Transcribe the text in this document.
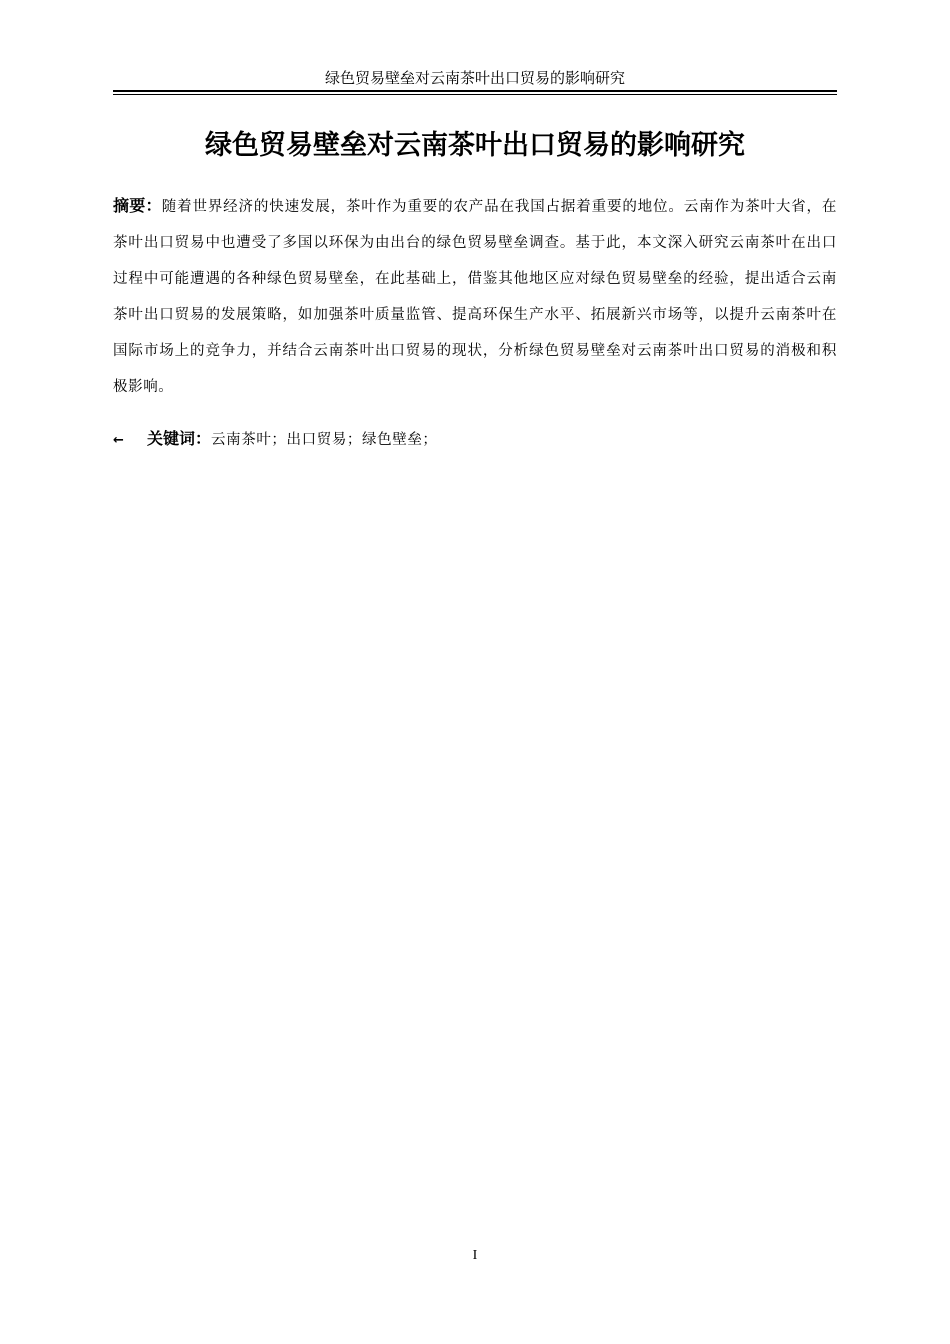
绿色贸易壁垒对云南茶叶出口贸易的影响研究
绿色贸易壁垒对云南茶叶出口贸易的影响研究
摘要：随着世界经济的快速发展，茶叶作为重要的农产品在我国占据着重要的地位。云南作为茶叶大省，在茶叶出口贸易中也遭受了多国以环保为由出台的绿色贸易壁垒调查。基于此，本文深入研究云南茶叶在出口过程中可能遭遇的各种绿色贸易壁垒，在此基础上，借鉴其他地区应对绿色贸易壁垒的经验，提出适合云南茶叶出口贸易的发展策略，如加强茶叶质量监管、提高环保生产水平、拓展新兴市场等，以提升云南茶叶在国际市场上的竞争力，并结合云南茶叶出口贸易的现状，分析绿色贸易壁垒对云南茶叶出口贸易的消极和积极影响。
← 关键词：云南茶叶；出口贸易；绿色壁垒；
I
